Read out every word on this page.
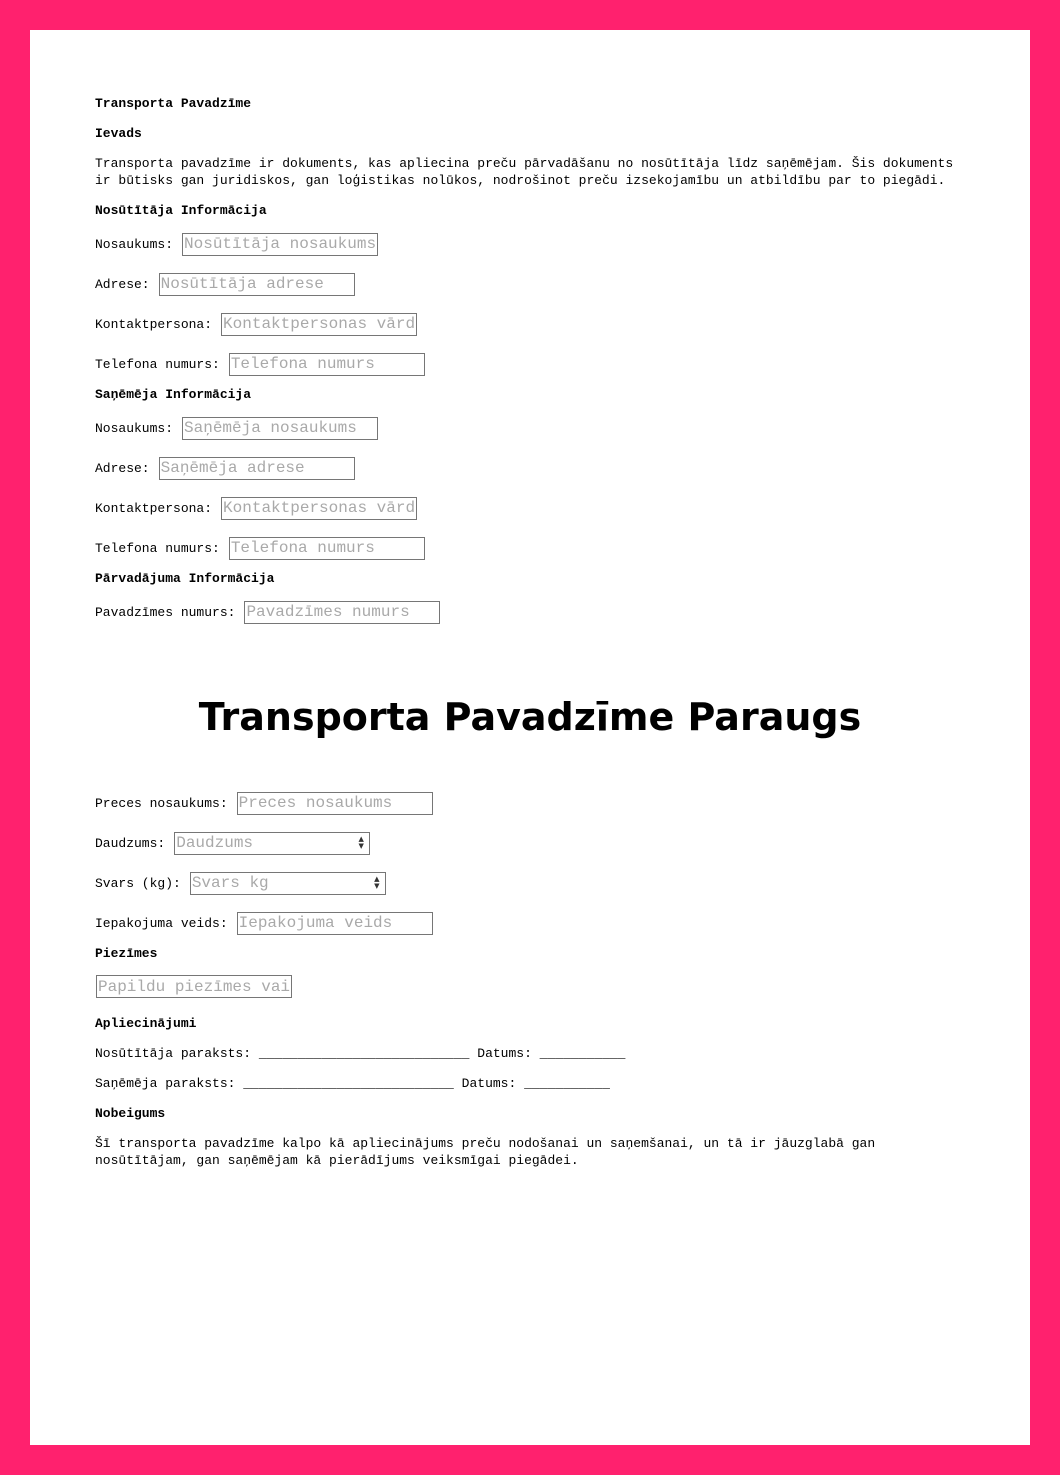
Transporta Pavadzīme
Ievads

Transporta pavadzīme ir dokuments, kas apliecina preču pārvadāšanu no nosūtītāja līdz saņēmējam. Šis dokuments ir būtisks gan juridiskos, gan loģistikas nolūkos, nodrošinot preču izsekojamību un atbildību par to piegādi.

Nosūtītāja Informācija
Nosaukums:
Nosūtītāja nosaukums
Adrese:
Nosūtītāja adrese
Kontaktpersona:
Kontaktpersonas vārds
Telefona numurs:
Telefona numurs
Saņēmēja Informācija
Nosaukums:
Saņēmēja nosaukums
Adrese:
Saņēmēja adrese
Kontaktpersona:
Kontaktpersonas vārds
Telefona numurs:
Telefona numurs
Pārvadājuma Informācija
Pavadzīmes numurs:
Pavadzīmes numurs
Transporta Pavadzīme Paraugs
Preces nosaukums:
Preces nosaukums
Daudzums:
Daudzums	▲
▼
Svars (kg):
Svars kg	▲
▼
Iepakojuma veids:
Iepakojuma veids
Piezīmes
Papildu piezīmes vai
Apliecinājumi
Nosūtītāja paraksts: ___________________________ Datums: ___________
Saņēmēja paraksts: ___________________________ Datums: ___________
Nobeigums

Šī transporta pavadzīme kalpo kā apliecinājums preču nodošanai un saņemšanai, un tā ir jāuzglabā gan nosūtītājam, gan saņēmējam kā pierādījums veiksmīgai piegādei.
